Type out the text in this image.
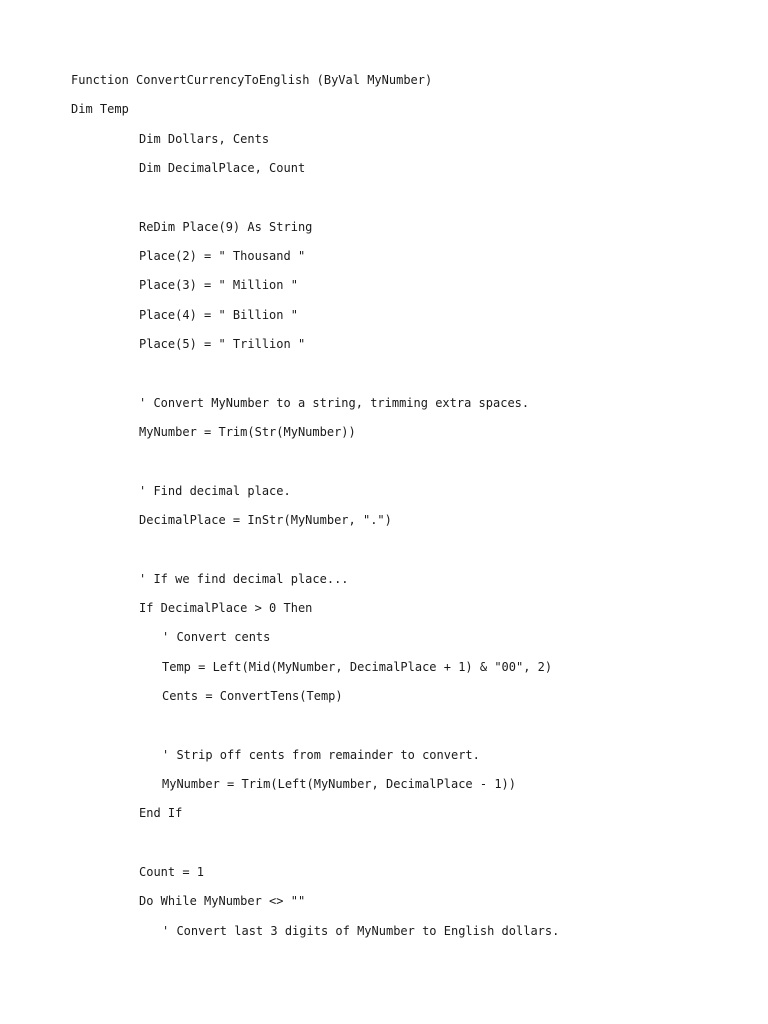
Function ConvertCurrencyToEnglish (ByVal MyNumber)
Dim Temp
Dim Dollars, Cents
Dim DecimalPlace, Count
ReDim Place(9) As String
Place(2) = " Thousand "
Place(3) = " Million "
Place(4) = " Billion "
Place(5) = " Trillion "
' Convert MyNumber to a string, trimming extra spaces.
MyNumber = Trim(Str(MyNumber))
' Find decimal place.
DecimalPlace = InStr(MyNumber, ".")
' If we find decimal place...
If DecimalPlace > 0 Then
' Convert cents
Temp = Left(Mid(MyNumber, DecimalPlace + 1) & "00", 2)
Cents = ConvertTens(Temp)
' Strip off cents from remainder to convert.
MyNumber = Trim(Left(MyNumber, DecimalPlace - 1))
End If
Count = 1
Do While MyNumber <> ""
' Convert last 3 digits of MyNumber to English dollars.
